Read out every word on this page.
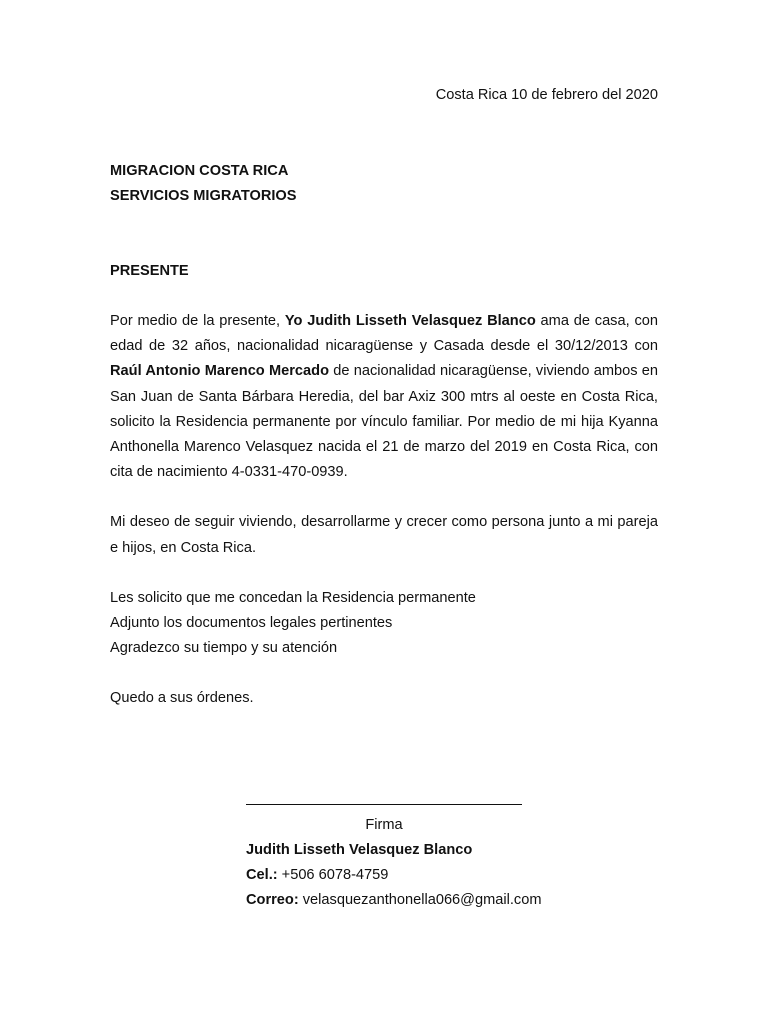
Costa Rica 10 de febrero del 2020
MIGRACION COSTA RICA
SERVICIOS MIGRATORIOS
PRESENTE

Por medio de la presente, Yo Judith Lisseth Velasquez Blanco ama de casa, con edad de 32 años, nacionalidad nicaragüense y Casada desde el 30/12/2013 con Raúl Antonio Marenco Mercado de nacionalidad nicaragüense, viviendo ambos en San Juan de Santa Bárbara Heredia, del bar Axiz 300 mtrs al oeste en Costa Rica, solicito la Residencia permanente por vínculo familiar. Por medio de mi hija Kyanna Anthonella Marenco Velasquez nacida el 21 de marzo del 2019 en Costa Rica, con cita de nacimiento 4-0331-470-0939.

Mi deseo de seguir viviendo, desarrollarme y crecer como persona junto a mi pareja e hijos, en Costa Rica.

Les solicito que me concedan la Residencia permanente
Adjunto los documentos legales pertinentes
Agradezco su tiempo y su atención
Quedo a sus órdenes.
Firma
Judith Lisseth Velasquez Blanco
Cel.: +506 6078-4759
Correo: velasquezanthonella066@gmail.com
